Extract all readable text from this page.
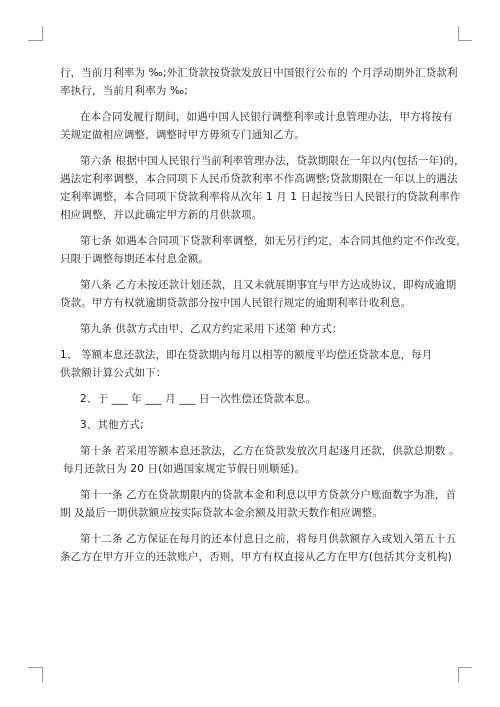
行，当前月利率为 ‰;外汇贷款按贷款发放日中国银行公布的 个月浮动期外汇贷款利
率执行，当前月利率为 ‰;
在本合同发履行期间，如遇中国人民银行调整利率或计息管理办法，甲方将按有
关规定做相应调整，调整时甲方毋须专门通知乙方。
第六条 根据中国人民银行当前利率管理办法，贷款期限在一年以内(包括一年)的，
遇法定利率调整，本合同项下人民币贷款利率不作高调整;贷款期限在一年以上的遇法
定利率调整，本合同项下贷款利率将从次年 1 月 1 日起按当日人民银行的贷款利率作
相应调整，并以此确定甲方新的月供款项。
第七条 如遇本合同项下贷款利率调整，如无另行约定，本合同其他约定不作改变，
只限于调整每期还本付息金额。
第八条 乙方未按还款计划还款，且又未就展期事宜与甲方达成协议，即构成逾期
贷款。甲方有权就逾期贷款部分按中国人民银行规定的逾期利率计收利息。
第九条 供款方式由甲、乙双方约定采用下述第 种方式：
1、 等额本息还款法，即在贷款期内每月以相等的额度平均偿还贷款本息，每月
供款额计算公式如下：
2、于 ___ 年 ___ 月 ___ 日一次性偿还贷款本息。
3、其他方式;
第十条 若采用等额本息还款法，乙方在贷款发放次月起逐月还款，供款总期数 。
每月还款日为 20 日(如遇国家规定节假日则顺延)。
第十一条 乙方在贷款期限内的贷款本金和利息以甲方贷款分户账面数字为准，首
期 及最后一期供款额应按实际贷款本金余额及用款天数作相应调整。
第十二条 乙方保证在每月的还本付息日之前，将每月供款额存入或划入第五十五
条乙方在甲方开立的还款账户，否则，甲方有权直接从乙方在甲方(包括其分支机构)
